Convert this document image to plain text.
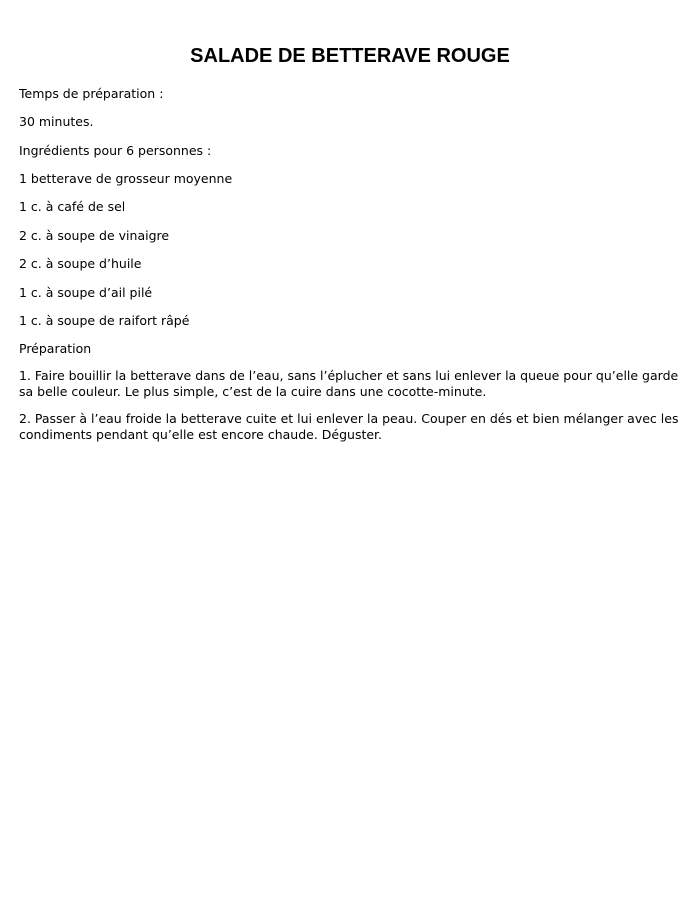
SALADE DE BETTERAVE ROUGE
Temps de préparation :
30 minutes.
Ingrédients pour 6 personnes :
1 betterave de grosseur moyenne
1 c. à café de sel
2 c. à soupe de vinaigre
2 c. à soupe d’huile
1 c. à soupe d’ail pilé
1 c. à soupe de raifort râpé
Préparation
1. Faire bouillir la betterave dans de l’eau, sans l’éplucher et sans lui enlever la queue pour qu’elle garde sa belle couleur. Le plus simple, c’est de la cuire dans une cocotte-minute.
2. Passer à l’eau froide la betterave cuite et lui enlever la peau. Couper en dés et bien mélanger avec les condiments pendant qu’elle est encore chaude. Déguster.
